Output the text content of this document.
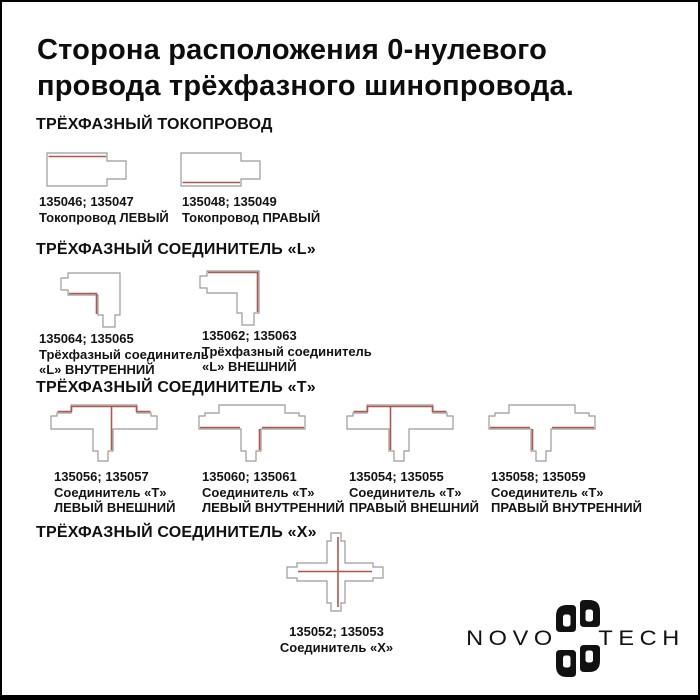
Сторона расположения 0-нулевого
провода трёхфазного шинопровода.
ТРЁХФАЗНЫЙ ТОКОПРОВОД
135046; 135047
Токопровод ЛЕВЫЙ
135048; 135049
Токопровод ПРАВЫЙ
ТРЁХФАЗНЫЙ СОЕДИНИТЕЛЬ «L»
135064; 135065
Трёхфазный соединитель
«L» ВНУТРЕННИЙ
135062; 135063
Трёхфазный соединитель
«L» ВНЕШНИЙ
ТРЁХФАЗНЫЙ СОЕДИНИТЕЛЬ «Т»
135056; 135057
Соединитель «Т»
ЛЕВЫЙ ВНЕШНИЙ
135060; 135061
Соединитель «Т»
ЛЕВЫЙ ВНУТРЕННИЙ
135054; 135055
Соединитель «Т»
ПРАВЫЙ ВНЕШНИЙ
135058; 135059
Соединитель «Т»
ПРАВЫЙ ВНУТРЕННИЙ
ТРЁХФАЗНЫЙ СОЕДИНИТЕЛЬ «Х»
135052; 135053
Соединитель «Х»	NOVO TECH
